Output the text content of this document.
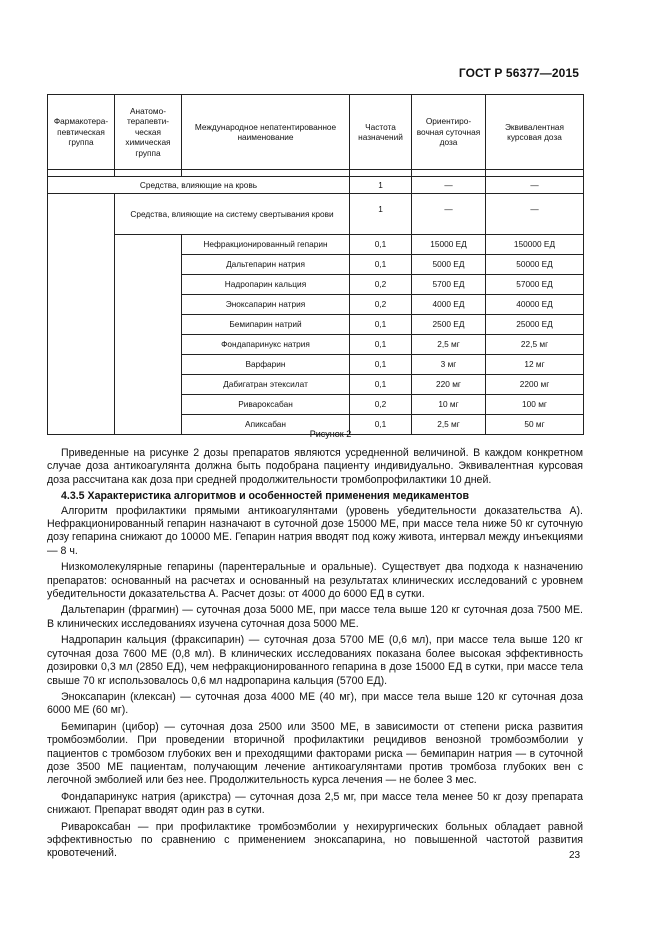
ГОСТ Р 56377—2015
Фармакотера-певтическая группа	Анатомо-терапевти-ческая химическая группа	Международное непатентированное наименование	Частота назначений	Ориентиро-вочная суточная доза	Эквивалентная курсовая доза

Средства, влияющие на кровь			1	—	—
	Средства, влияющие на систему свертывания крови		1	—	—
		Нефракционированный гепарин	0,1	15000 ЕД	150000 ЕД
		Дальтепарин натрия	0,1	5000 ЕД	50000 ЕД
		Надропарин кальция	0,2	5700 ЕД	57000 ЕД
		Эноксапарин натрия	0,2	4000 ЕД	40000 ЕД
		Бемипарин натрий	0,1	2500 ЕД	25000 ЕД
		Фондапаринукс натрия	0,1	2,5 мг	22,5 мг
		Варфарин	0,1	3 мг	12 мг
		Дабигатран этексилат	0,1	220 мг	2200 мг
		Ривароксабан	0,2	10 мг	100 мг
		Апиксабан	0,1	2,5 мг	50 мг
Рисунок 2

Приведенные на рисунке 2 дозы препаратов являются усредненной величиной. В каждом конкретном случае доза антикоагулянта должна быть подобрана пациенту индивидуально. Эквивалентная курсовая доза рассчитана как доза при средней продолжительности тромбопрофилактики 10 дней.

4.3.5 Характеристика алгоритмов и особенностей применения медикаментов

Алгоритм профилактики прямыми антикоагулянтами (уровень убедительности доказательства А). Нефракционированный гепарин назначают в суточной дозе 15000 МЕ, при массе тела ниже 50 кг суточную дозу гепарина снижают до 10000 МЕ. Гепарин натрия вводят под кожу живота, интервал между инъекциями — 8 ч.

Низкомолекулярные гепарины (парентеральные и оральные). Существует два подхода к назначению препаратов: основанный на расчетах и основанный на результатах клинических исследований с уровнем убедительности доказательства А. Расчет дозы: от 4000 до 6000 ЕД в сутки.

Дальтепарин (фрагмин) — суточная доза 5000 МЕ, при массе тела выше 120 кг суточная доза 7500 МЕ. В клинических исследованиях изучена суточная доза 5000 МЕ.

Надропарин кальция (фраксипарин) — суточная доза 5700 МЕ (0,6 мл), при массе тела выше 120 кг суточная доза 7600 МЕ (0,8 мл). В клинических исследованиях показана более высокая эффективность дозировки 0,3 мл (2850 ЕД), чем нефракционированного гепарина в дозе 15000 ЕД в сутки, при массе тела свыше 70 кг использовалось 0,6 мл надропарина кальция (5700 ЕД).

Эноксапарин (клексан) — суточная доза 4000 МЕ (40 мг), при массе тела выше 120 кг суточная доза 6000 МЕ (60 мг).

Бемипарин (цибор) — суточная доза 2500 или 3500 МЕ, в зависимости от степени риска развития тромбоэмболии. При проведении вторичной профилактики рецидивов венозной тромбоэмболии у пациентов с тромбозом глубоких вен и преходящими факторами риска — бемипарин натрия — в суточной дозе 3500 МЕ пациентам, получающим лечение антикоагулянтами против тромбоза глубоких вен с легочной эмболией или без нее. Продолжительность курса лечения — не более 3 мес.

Фондапаринукс натрия (арикстра) — суточная доза 2,5 мг, при массе тела менее 50 кг дозу препарата снижают. Препарат вводят один раз в сутки.

Ривароксабан — при профилактике тромбоэмболии у нехирургических больных обладает равной эффективностью по сравнению с применением эноксапарина, но повышенной частотой развития кровотечений.	23
